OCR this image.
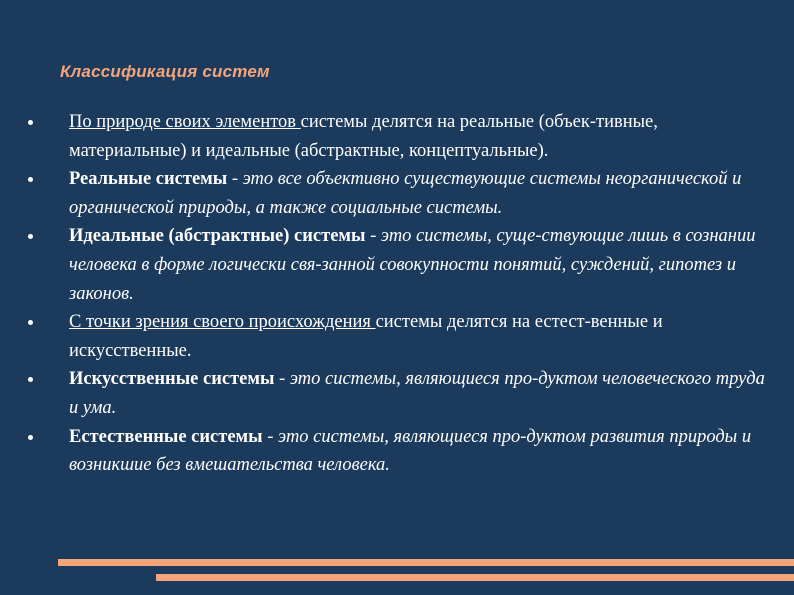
Классификация систем
По природе своих элементов системы делятся на реальные (объек-тивные, материальные) и идеальные (абстрактные, концептуальные).
Реальные системы - это все объективно существующие системы неорганической и органической природы, а также социальные системы.
Идеальные (абстрактные) системы - это системы, суще-ствующие лишь в сознании человека в форме логически свя-занной совокупности понятий, суждений, гипотез и законов.
С точки зрения своего происхождения системы делятся на естест-венные и искусственные.
Искусственные системы - это системы, являющиеся про-дуктом человеческого труда и ума.
Естественные системы - это системы, являющиеся про-дуктом развития природы и возникшие без вмешательства человека.
